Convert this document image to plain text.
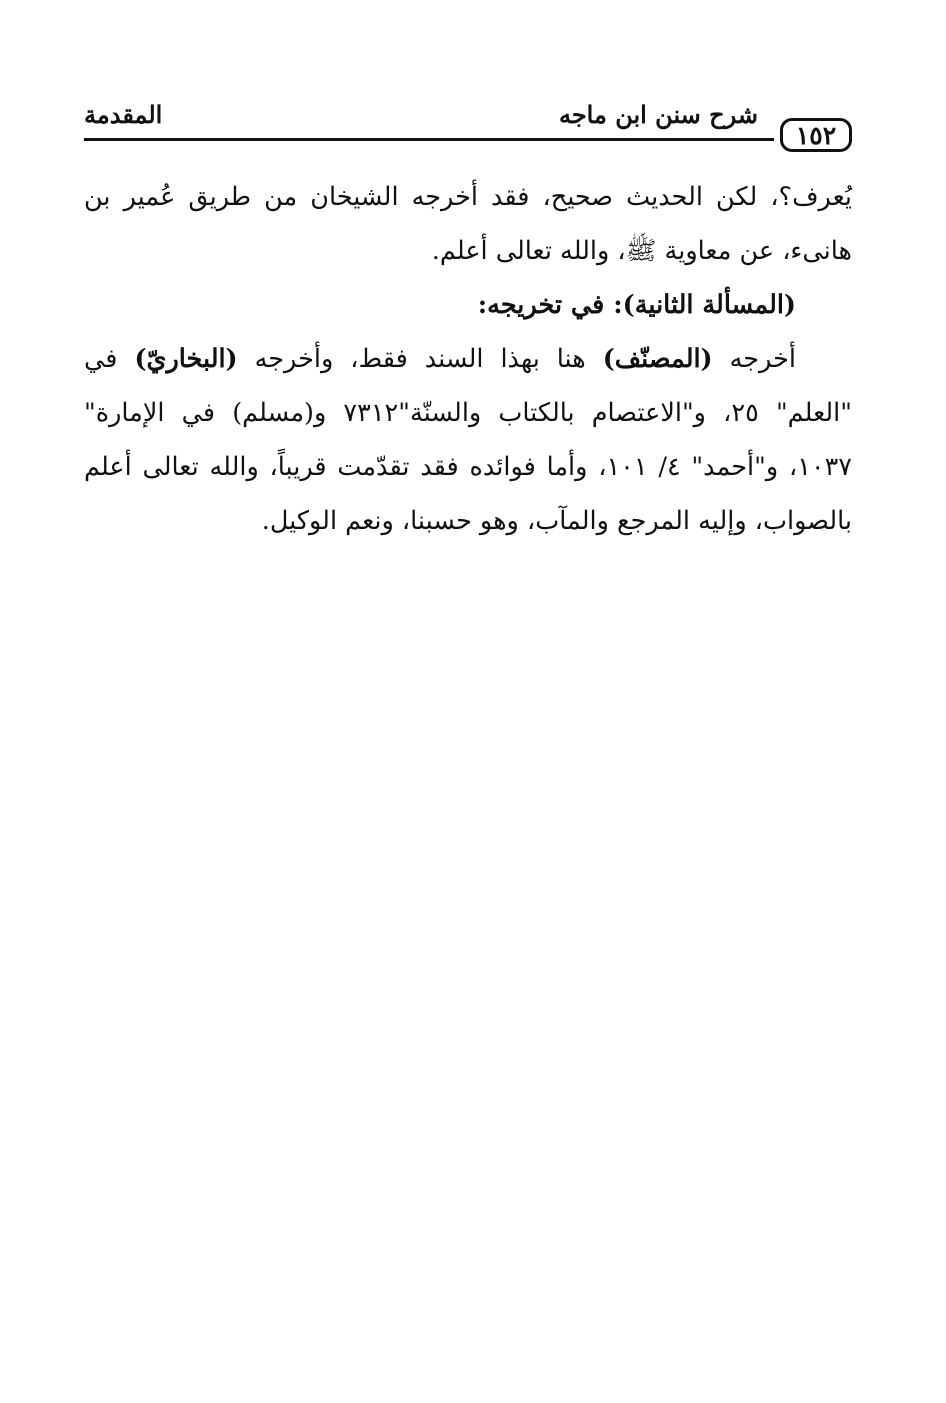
المقدمة	شرح سنن ابن ماجه
١٥٢

يُعرف؟، لكن الحديث صحيح، فقد أخرجه الشيخان من طريق عُمير بن هانىء، عن معاوية ﷺ، والله تعالى أعلم.

(المسألة الثانية): في تخريجه:

أخرجه (المصنّف) هنا بهذا السند فقط، وأخرجه (البخاريّ) في "العلم" ٢٥، و"الاعتصام بالكتاب والسنّة"٧٣١٢ و(مسلم) في الإمارة" ١٠٣٧، و"أحمد" ٤/ ١٠١، وأما فوائده فقد تقدّمت قريباً، والله تعالى أعلم بالصواب، وإليه المرجع والمآب، وهو حسبنا، ونعم الوكيل.
